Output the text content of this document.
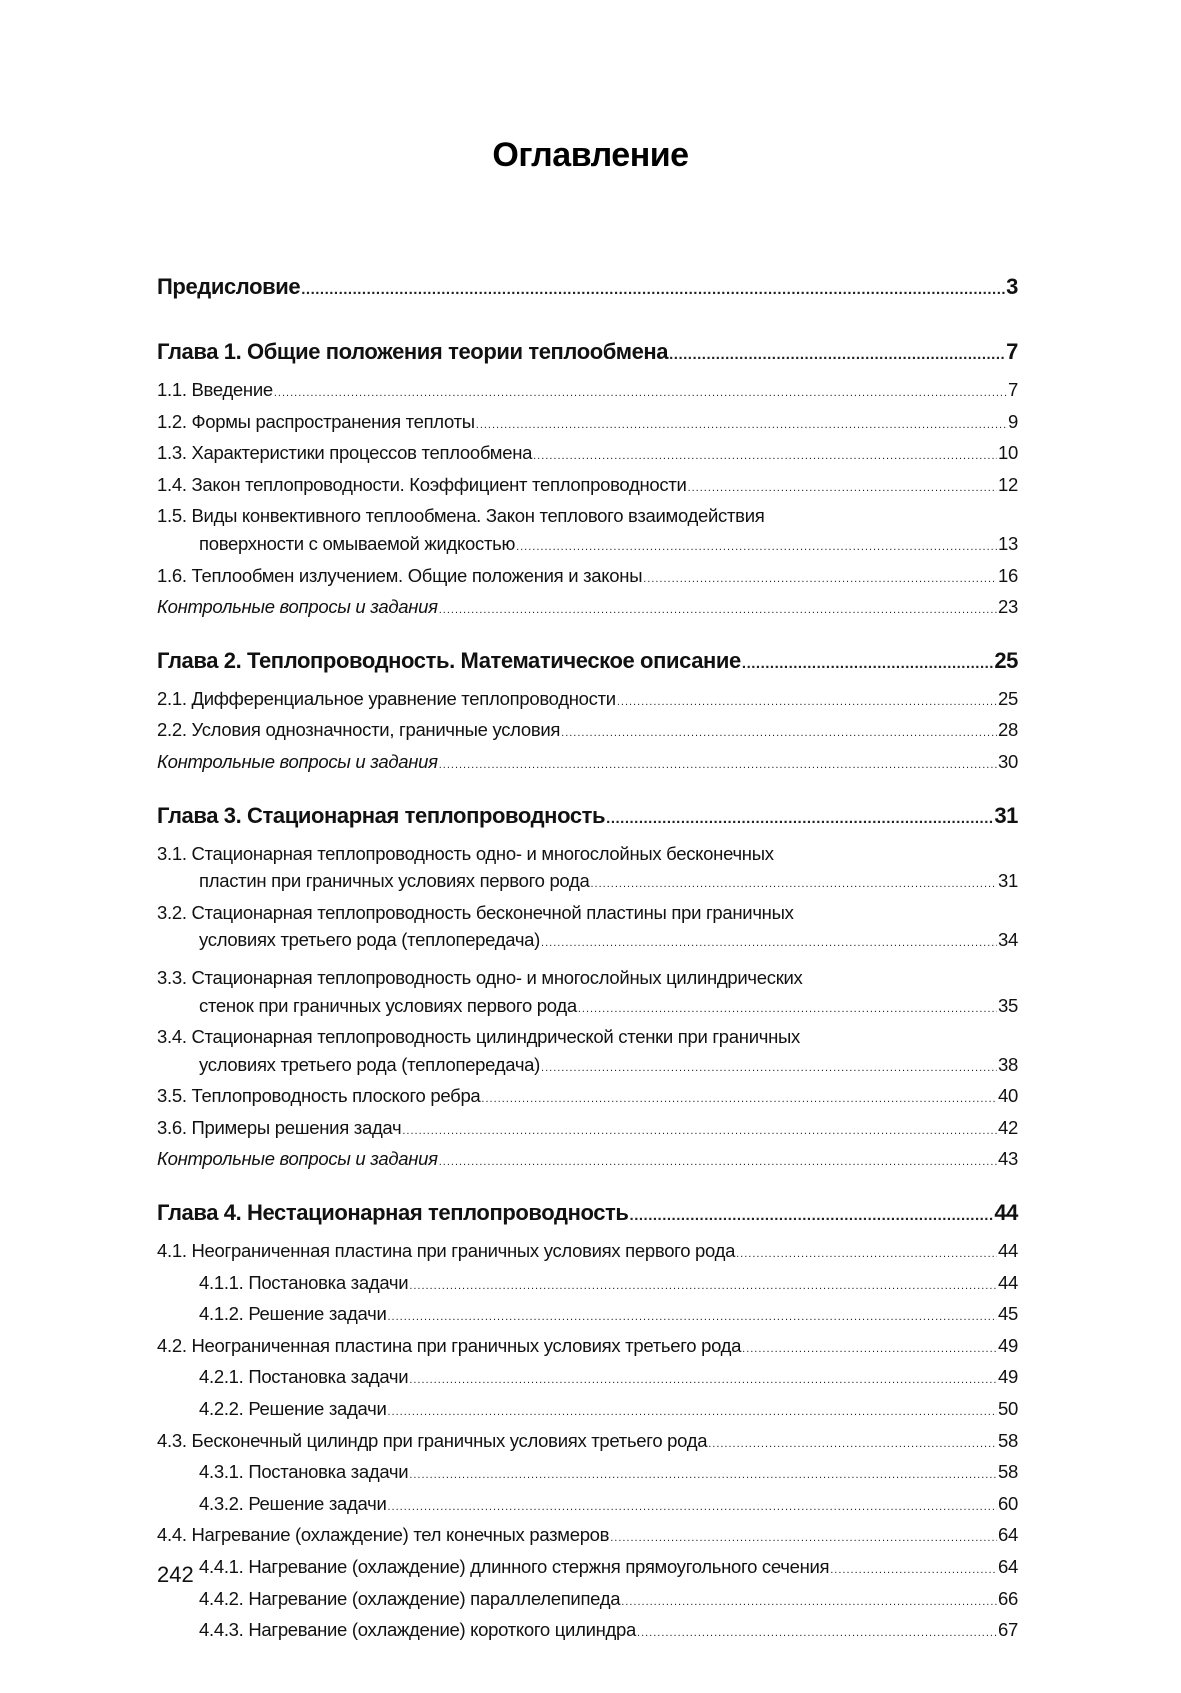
Оглавление
Предисловие .....	3
Глава 1. Общие положения теории теплообмена .....	7
1.1. Введение .....	7
1.2. Формы распространения теплоты .....	9
1.3. Характеристики процессов теплообмена .....	10
1.4. Закон теплопроводности. Коэффициент теплопроводности .....	12
1.5. Виды конвективного теплообмена. Закон теплового взаимодействия
поверхности с омываемой жидкостью .....	13
1.6. Теплообмен излучением. Общие положения и законы .....	16
Контрольные вопросы и задания .....	23
Глава 2. Теплопроводность. Математическое описание .....	25
2.1. Дифференциальное уравнение теплопроводности .....	25
2.2. Условия однозначности, граничные условия .....	28
Контрольные вопросы и задания .....	30
Глава 3. Стационарная теплопроводность .....	31
3.1. Стационарная теплопроводность одно- и многослойных бесконечных
пластин при граничных условиях первого рода .....	31
3.2. Стационарная теплопроводность бесконечной пластины при граничных
условиях третьего рода (теплопередача) .....	34
3.3. Стационарная теплопроводность одно- и многослойных цилиндрических
стенок при граничных условиях первого рода .....	35
3.4. Стационарная теплопроводность цилиндрической стенки при граничных
условиях третьего рода (теплопередача) .....	38
3.5. Теплопроводность плоского ребра .....	40
3.6. Примеры решения задач .....	42
Контрольные вопросы и задания .....	43
Глава 4. Нестационарная теплопроводность .....	44
4.1. Неограниченная пластина при граничных условиях первого рода .....	44
4.1.1. Постановка задачи .....	44
4.1.2. Решение задачи .....	45
4.2. Неограниченная пластина при граничных условиях третьего рода .....	49
4.2.1. Постановка задачи .....	49
4.2.2. Решение задачи .....	50
4.3. Бесконечный цилиндр при граничных условиях третьего рода .....	58
4.3.1. Постановка задачи .....	58
4.3.2. Решение задачи .....	60
4.4. Нагревание (охлаждение) тел конечных размеров .....	64
4.4.1. Нагревание (охлаждение) длинного стержня прямоугольного сечения .....	64
4.4.2. Нагревание (охлаждение) параллелепипеда .....	66
4.4.3. Нагревание (охлаждение) короткого цилиндра .....	67
242
